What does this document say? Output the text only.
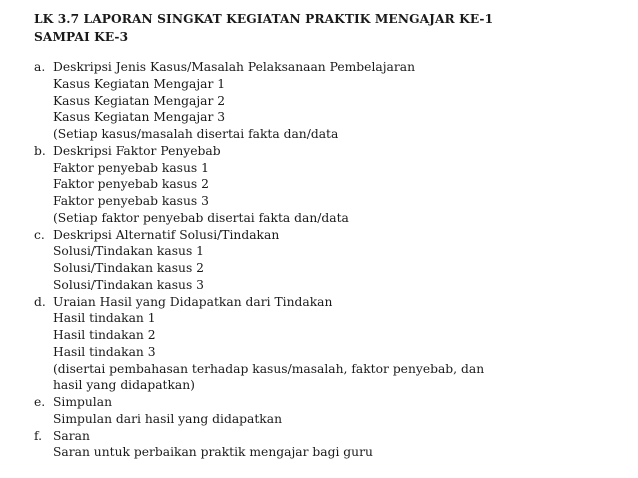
LK 3.7 LAPORAN SINGKAT KEGIATAN PRAKTIK MENGAJAR KE-1
SAMPAI KE-3
a. Deskripsi Jenis Kasus/Masalah Pelaksanaan Pembelajaran
Kasus Kegiatan Mengajar 1
Kasus Kegiatan Mengajar 2
Kasus Kegiatan Mengajar 3
(Setiap kasus/masalah disertai fakta dan/data
b. Deskripsi Faktor Penyebab
Faktor penyebab kasus 1
Faktor penyebab kasus 2
Faktor penyebab kasus 3
(Setiap faktor penyebab disertai fakta dan/data
c. Deskripsi Alternatif Solusi/Tindakan
Solusi/Tindakan kasus 1
Solusi/Tindakan kasus 2
Solusi/Tindakan kasus 3
d. Uraian Hasil yang Didapatkan dari Tindakan
Hasil tindakan 1
Hasil tindakan 2
Hasil tindakan 3
(disertai pembahasan terhadap kasus/masalah, faktor penyebab, dan
hasil yang didapatkan)
e. Simpulan
Simpulan dari hasil yang didapatkan
f. Saran
Saran untuk perbaikan praktik mengajar bagi guru
